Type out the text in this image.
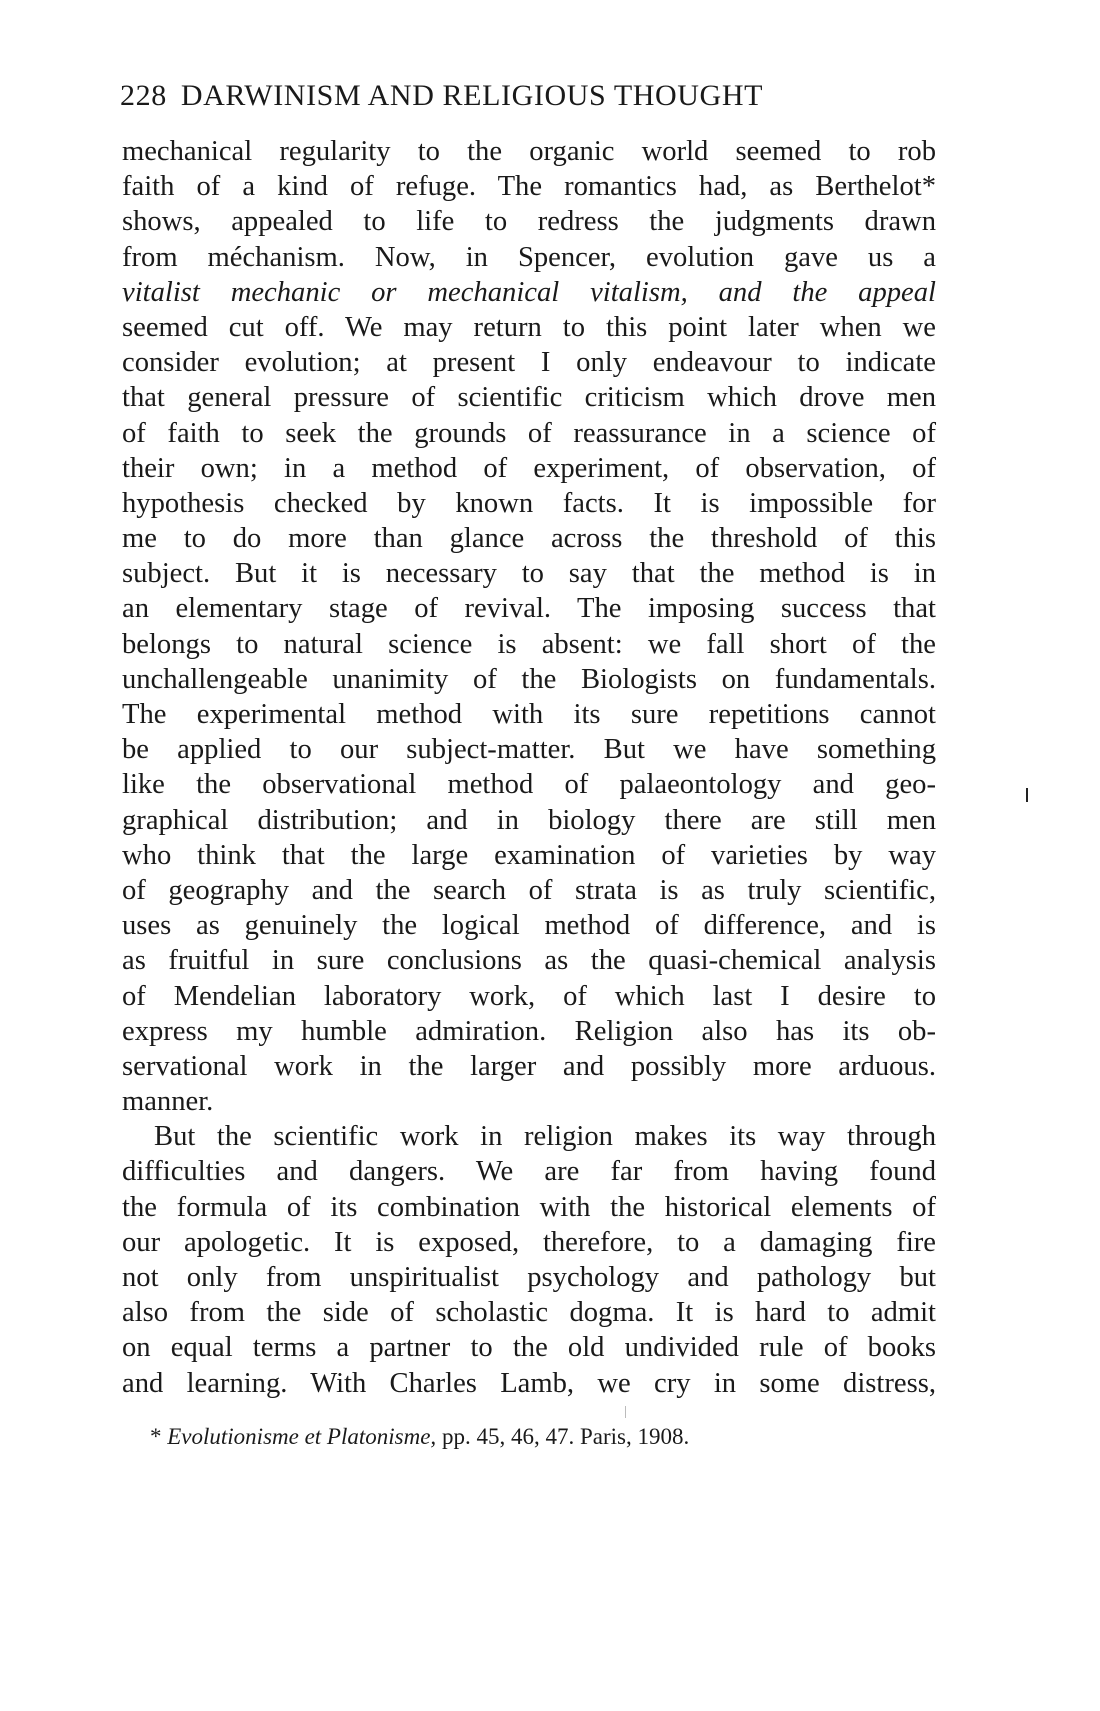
228 DARWINISM AND RELIGIOUS THOUGHT
mechanical regularity to the organic world seemed to rob
faith of a kind of refuge. The romantics had, as Berthelot*
shows, appealed to life to redress the judgments drawn
from méchanism. Now, in Spencer, evolution gave us a
vitalist mechanic or mechanical vitalism, and the appeal
seemed cut off. We may return to this point later when we
consider evolution; at present I only endeavour to indicate
that general pressure of scientific criticism which drove men
of faith to seek the grounds of reassurance in a science of
their own; in a method of experiment, of observation, of
hypothesis checked by known facts. It is impossible for
me to do more than glance across the threshold of this
subject. But it is necessary to say that the method is in
an elementary stage of revival. The imposing success that
belongs to natural science is absent: we fall short of the
unchallengeable unanimity of the Biologists on fundamentals.
The experimental method with its sure repetitions cannot
be applied to our subject-matter. But we have something
like the observational method of palaeontology and geo-
graphical distribution; and in biology there are still men
who think that the large examination of varieties by way
of geography and the search of strata is as truly scientific,
uses as genuinely the logical method of difference, and is
as fruitful in sure conclusions as the quasi-chemical analysis
of Mendelian laboratory work, of which last I desire to
express my humble admiration. Religion also has its ob-
servational work in the larger and possibly more arduous.
manner.
But the scientific work in religion makes its way through
difficulties and dangers. We are far from having found
the formula of its combination with the historical elements of
our apologetic. It is exposed, therefore, to a damaging fire
not only from unspiritualist psychology and pathology but
also from the side of scholastic dogma. It is hard to admit
on equal terms a partner to the old undivided rule of books
and learning. With Charles Lamb, we cry in some distress,
* Evolutionisme et Platonisme, pp. 45, 46, 47. Paris, 1908.
